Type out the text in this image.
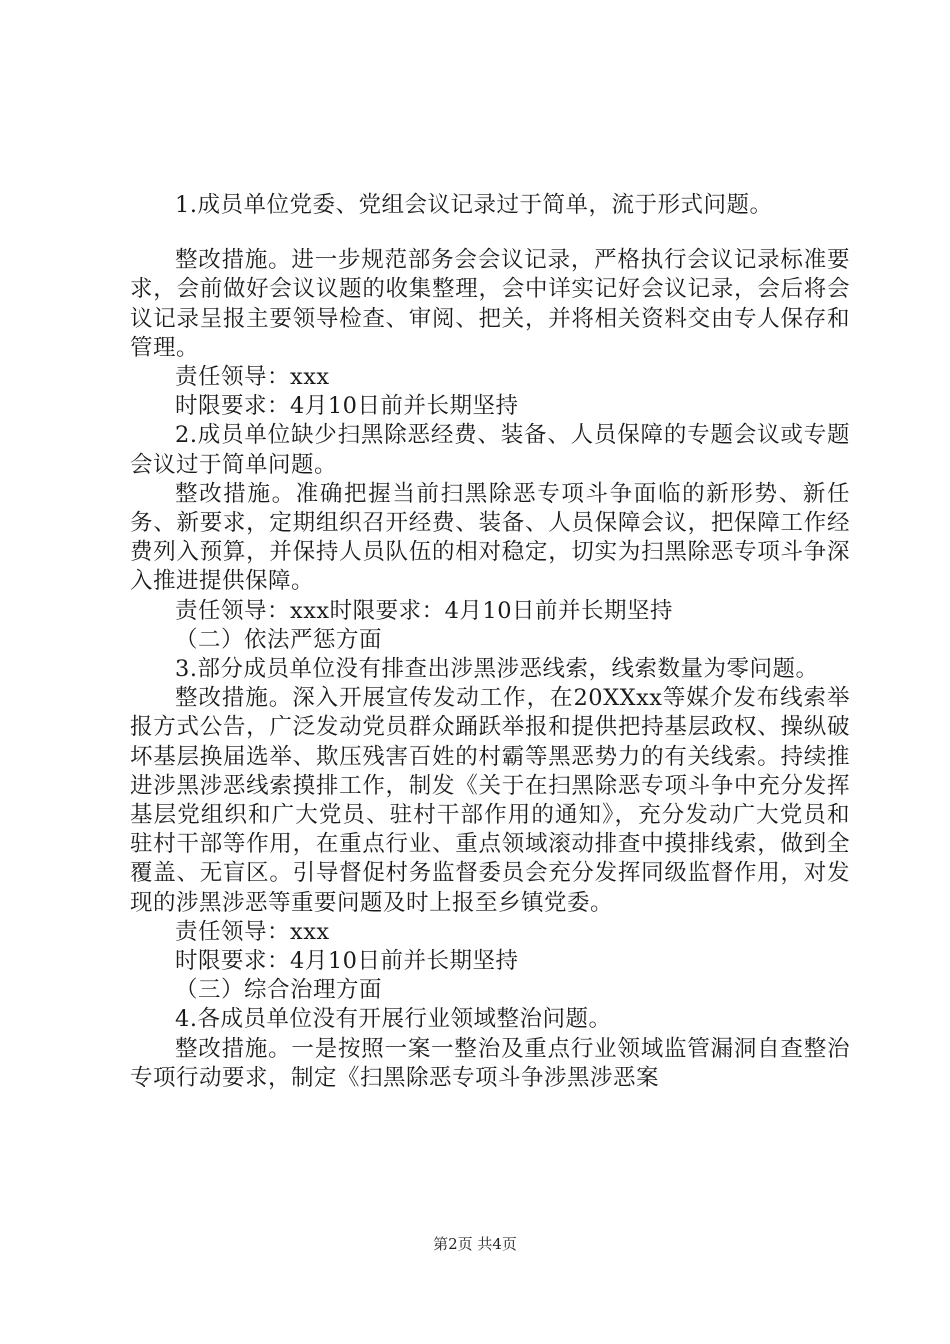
1.成员单位党委、党组会议记录过于简单，流于形式问题。

整改措施。进一步规范部务会会议记录，严格执行会议记录标准要求，会前做好会议议题的收集整理，会中详实记好会议记录，会后将会议记录呈报主要领导检查、审阅、把关，并将相关资料交由专人保存和管理。

责任领导：xxx

时限要求：4月10日前并长期坚持

2.成员单位缺少扫黑除恶经费、装备、人员保障的专题会议或专题会议过于简单问题。

整改措施。准确把握当前扫黑除恶专项斗争面临的新形势、新任务、新要求，定期组织召开经费、装备、人员保障会议，把保障工作经费列入预算，并保持人员队伍的相对稳定，切实为扫黑除恶专项斗争深入推进提供保障。

责任领导：xxx时限要求：4月10日前并长期坚持

（二）依法严惩方面

3.部分成员单位没有排查出涉黑涉恶线索，线索数量为零问题。

整改措施。深入开展宣传发动工作，在20XXxx等媒介发布线索举报方式公告，广泛发动党员群众踊跃举报和提供把持基层政权、操纵破坏基层换届选举、欺压残害百姓的村霸等黑恶势力的有关线索。持续推进涉黑涉恶线索摸排工作，制发《关于在扫黑除恶专项斗争中充分发挥基层党组织和广大党员、驻村干部作用的通知》，充分发动广大党员和驻村干部等作用，在重点行业、重点领域滚动排查中摸排线索，做到全覆盖、无盲区。引导督促村务监督委员会充分发挥同级监督作用，对发现的涉黑涉恶等重要问题及时上报至乡镇党委。

责任领导：xxx

时限要求：4月10日前并长期坚持

（三）综合治理方面

4.各成员单位没有开展行业领域整治问题。

整改措施。一是按照一案一整治及重点行业领域监管漏洞自查整治专项行动要求，制定《扫黑除恶专项斗争涉黑涉恶案

第2页 共4页
